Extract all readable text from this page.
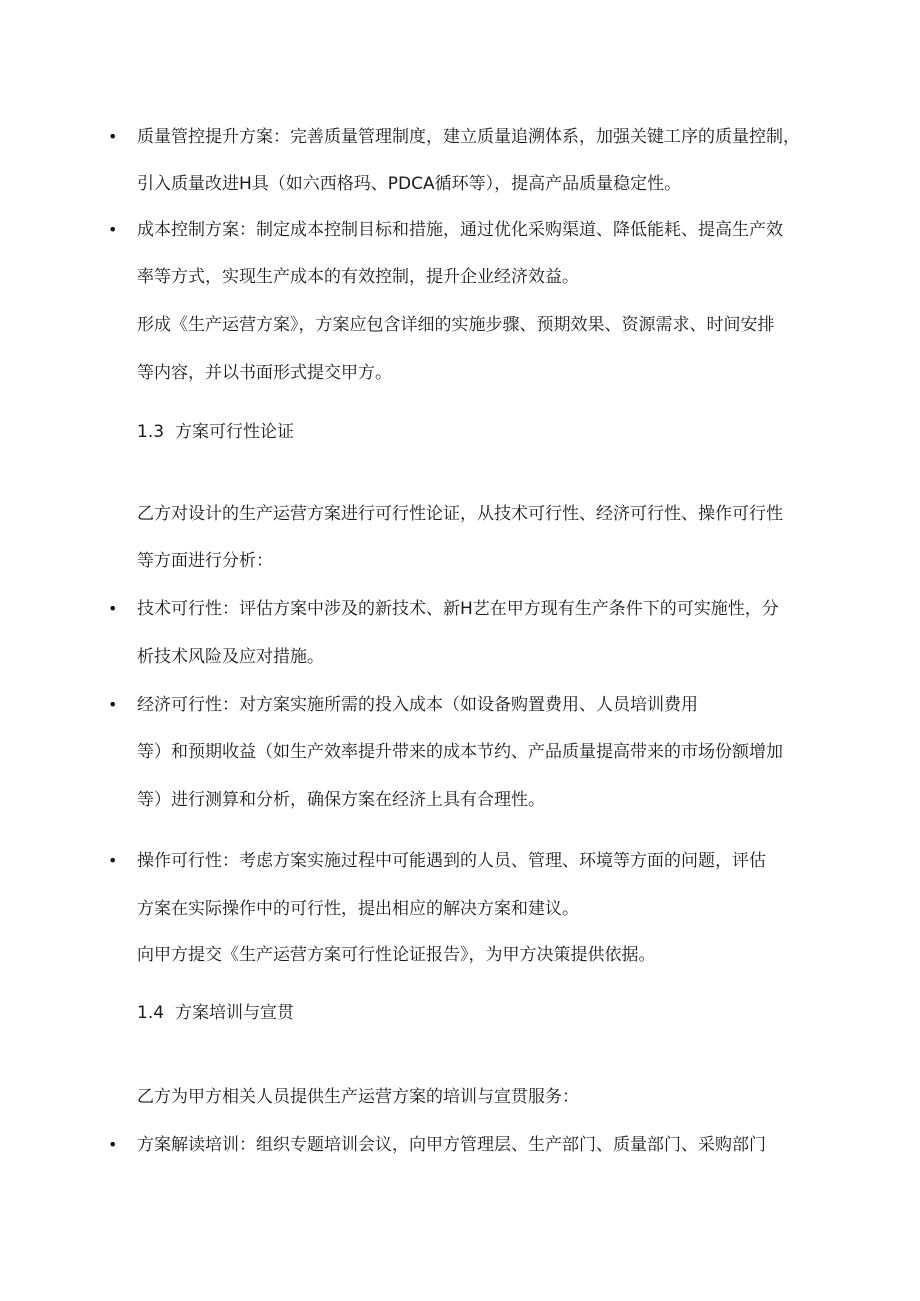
• 质量管控提升方案：完善质量管理制度，建立质量追溯体系，加强关键工序的质量控制，
引入质量改进H具（如六西格玛、PDCA循环等），提高产品质量稳定性。
• 成本控制方案：制定成本控制目标和措施，通过优化采购渠道、降低能耗、提高生产效
率等方式，实现生产成本的有效控制，提升企业经济效益。
形成《生产运营方案》，方案应包含详细的实施步骤、预期效果、资源需求、时间安排
等内容，并以书面形式提交甲方。
1.3 方案可行性论证
乙方对设计的生产运营方案进行可行性论证，从技术可行性、经济可行性、操作可行性
等方面进行分析：
• 技术可行性：评估方案中涉及的新技术、新H艺在甲方现有生产条件下的可实施性，分
析技术风险及应对措施。
• 经济可行性：对方案实施所需的投入成本（如设备购置费用、人员培训费用
等）和预期收益（如生产效率提升带来的成本节约、产品质量提高带来的市场份额增加
等）进行测算和分析，确保方案在经济上具有合理性。
• 操作可行性：考虑方案实施过程中可能遇到的人员、管理、环境等方面的问题，评估
方案在实际操作中的可行性，提出相应的解决方案和建议。
向甲方提交《生产运营方案可行性论证报告》，为甲方决策提供依据。
1.4 方案培训与宣贯
乙方为甲方相关人员提供生产运营方案的培训与宣贯服务：
• 方案解读培训：组织专题培训会议，向甲方管理层、生产部门、质量部门、采购部门
